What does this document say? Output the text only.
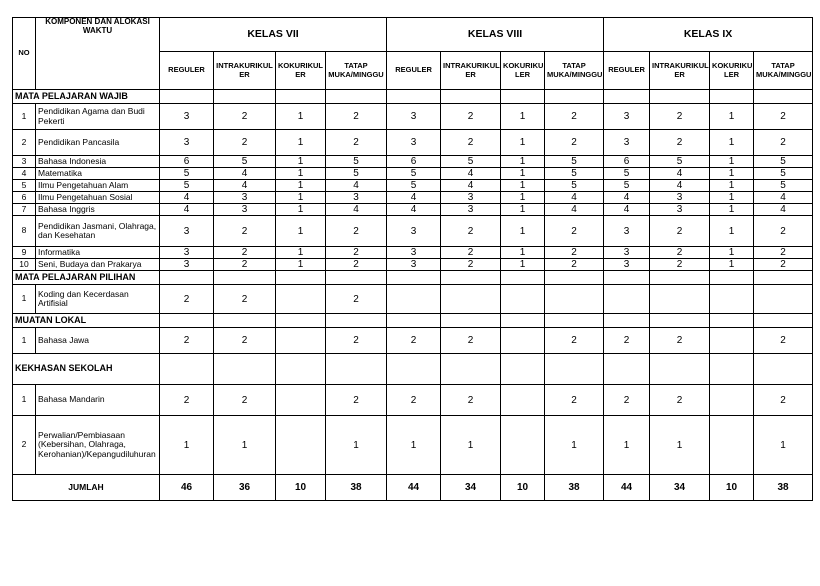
NO	KOMPONEN DAN ALOKASI WAKTU	KELAS VII				KELAS VIII				KELAS IX			
		REGULER	INTRAKURIKUL ER	KOKURIKUL ER	TATAP MUKA/MINGGU	REGULER	INTRAKURIKUL ER	KOKURIKU LER	TATAP MUKA/MINGGU	REGULER	INTRAKURIKUL ER	KOKURIKU LER	TATAP MUKA/MINGGU
MATA PELAJARAN WAJIB													
1	Pendidikan Agama dan Budi Pekerti	3	2	1	2	3	2	1	2	3	2	1	2
2	Pendidikan Pancasila	3	2	1	2	3	2	1	2	3	2	1	2
3	Bahasa Indonesia	6	5	1	5	6	5	1	5	6	5	1	5
4	Matematika	5	4	1	5	5	4	1	5	5	4	1	5
5	Ilmu Pengetahuan Alam	5	4	1	4	5	4	1	5	5	4	1	5
6	Ilmu Pengetahuan Sosial	4	3	1	3	4	3	1	4	4	3	1	4
7	Bahasa Inggris	4	3	1	4	4	3	1	4	4	3	1	4
8	Pendidikan Jasmani, Olahraga, dan Kesehatan	3	2	1	2	3	2	1	2	3	2	1	2
9	Informatika	3	2	1	2	3	2	1	2	3	2	1	2
10	Seni, Budaya dan Prakarya	3	2	1	2	3	2	1	2	3	2	1	2
MATA PELAJARAN PILIHAN													
1	Koding dan Kecerdasan Artifisial	2	2		2								
MUATAN LOKAL													
1	Bahasa Jawa	2	2		2	2	2		2	2	2		2
KEKHASAN SEKOLAH													
1	Bahasa Mandarin	2	2		2	2	2		2	2	2		2
2	Perwalian/Pembiasaan (Kebersihan, Olahraga, Kerohanian)/Kepangudiluhuran	1	1		1	1	1		1	1	1		1
JUMLAH		46	36	10	38	44	34	10	38	44	34	10	38
